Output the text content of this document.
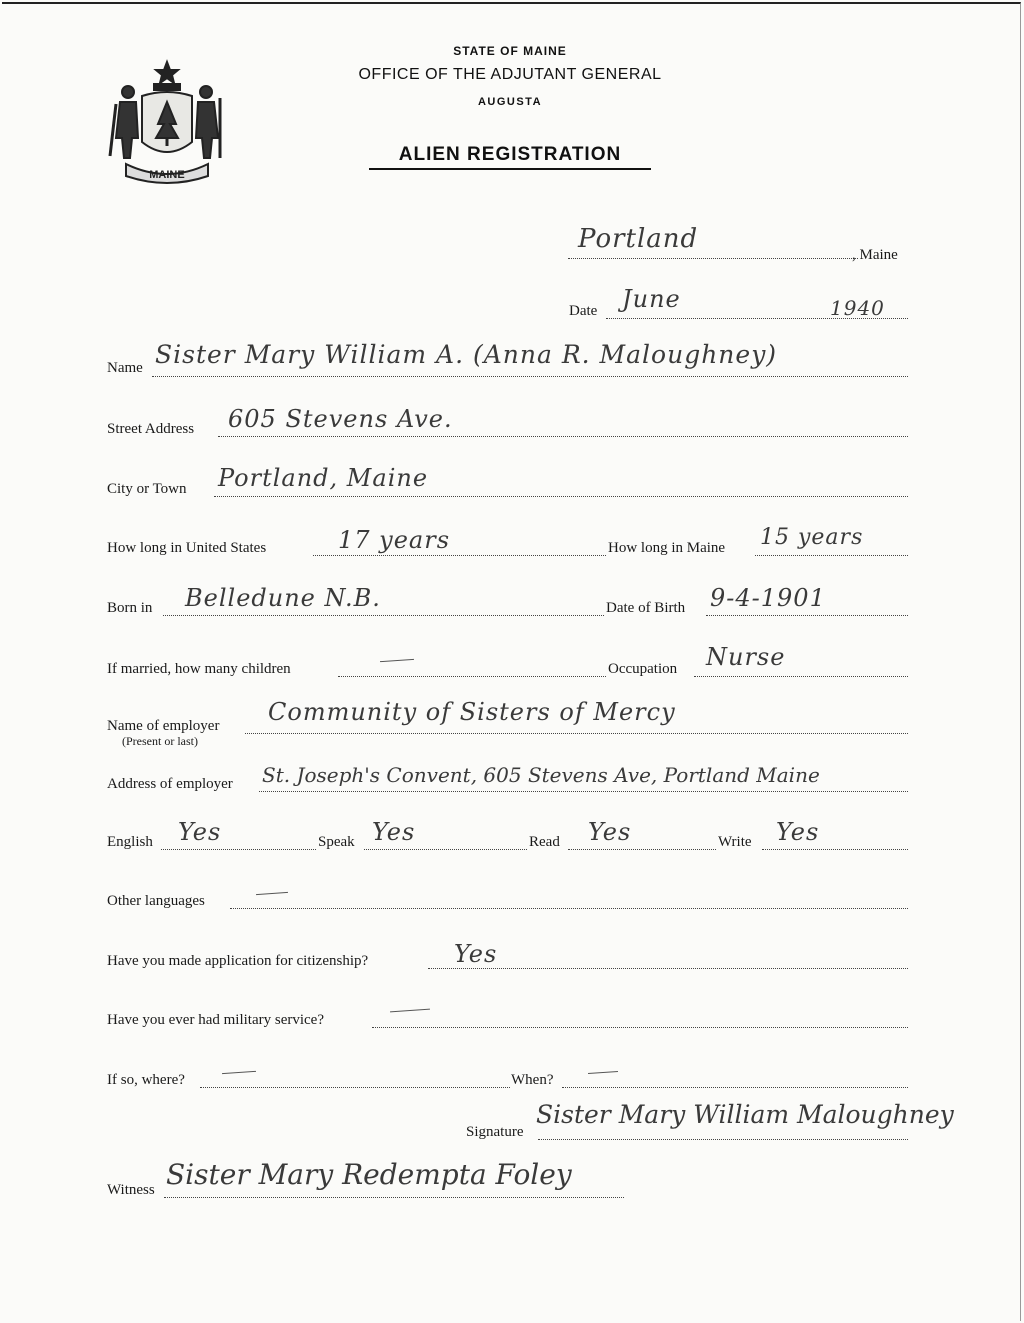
MAINE
STATE OF MAINE
OFFICE OF THE ADJUTANT GENERAL
AUGUSTA
ALIEN REGISTRATION
Portland
, Maine
Date June	1940
Name Sister Mary William A. (Anna R. Maloughney)
Street Address 605 Stevens Ave.
City or Town Portland, Maine
How long in United States	17 years	How long in Maine 15 years
Born in Belledune N.B.	Date of Birth 9-4-1901
If married, how many children	Occupation Nurse
Name of employer
(Present or last)
Community of Sisters of Mercy
Address of employer St. Joseph's Convent, 605 Stevens Ave, Portland Maine
English Yes	Speak Yes	Read Yes	Write Yes
Other languages
Have you made application for citizenship?	Yes
Have you ever had military service?
If so, where?	When?
Signature
Sister Mary William Maloughney
Witness Sister Mary Redempta Foley
